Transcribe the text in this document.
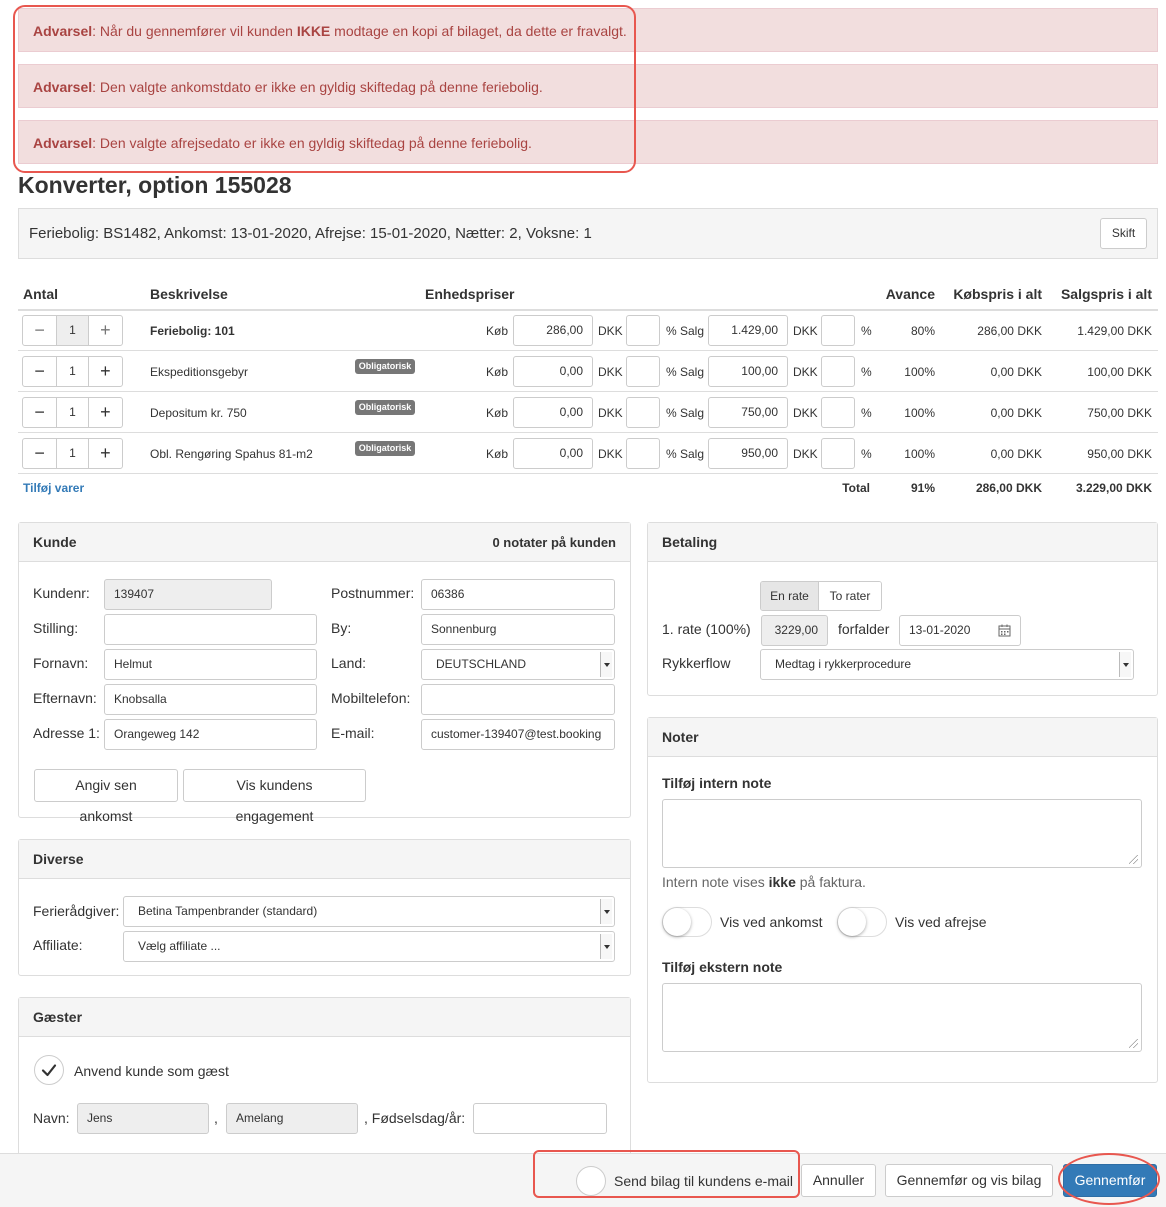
Advarsel: Når du gennemfører vil kunden IKKE modtage en kopi af bilaget, da dette er fravalgt.
Advarsel: Den valgte ankomstdato er ikke en gyldig skiftedag på denne feriebolig.
Advarsel: Den valgte afrejsedato er ikke en gyldig skiftedag på denne feriebolig.
Konverter, option 155028
Feriebolig: BS1482, Ankomst: 13-01-2020, Afrejse: 15-01-2020, Nætter: 2, Voksne: 1	Skift
Antal	Beskrivelse	Enhedspriser	Avance	Købspris i alt	Salgspris i alt
−	1	+	Feriebolig: 101	Køb	286,00	DKK	% Salg	1.429,00	DKK	%	80%	286,00 DKK	1.429,00 DKK
−	1	+	Ekspeditionsgebyr	Obligatorisk	Køb	0,00	DKK	% Salg	100,00	DKK	%	100%	0,00 DKK	100,00 DKK
−	1	+	Depositum kr. 750	Obligatorisk	Køb	0,00	DKK	% Salg	750,00	DKK	%	100%	0,00 DKK	750,00 DKK
−	1	+	Obl. Rengøring Spahus 81-m2	Obligatorisk	Køb	0,00	DKK	% Salg	950,00	DKK	%	100%	0,00 DKK	950,00 DKK
Tilføj varer	Total	91%	286,00 DKK	3.229,00 DKK
Kunde	0 notater på kunden
Kundenr:	139407
Stilling:
Fornavn:	Helmut
Efternavn:	Knobsalla
Adresse 1:	Orangeweg 142
Postnummer:	06386
By:	Sonnenburg
Land:	DEUTSCHLAND
Mobiltelefon:
E-mail:	customer-139407@test.booking
Angiv sen ankomst
Vis kundens engagement
Diverse
Ferierådgiver:	Betina Tampenbrander (standard)
Affiliate:	Vælg affiliate ...
Gæster
Anvend kunde som gæst
Navn:	Jens	,	Amelang	, Fødselsdag/år:
Betaling
En rate	To rater
1. rate (100%)	3229,00	forfalder	13-01-2020
Rykkerflow	Medtag i rykkerprocedure
Noter
Tilføj intern note
Intern note vises ikke på faktura.
Vis ved ankomst	Vis ved afrejse
Tilføj ekstern note
Send bilag til kundens e-mail	Annuller	Gennemfør og vis bilag	Gennemfør
